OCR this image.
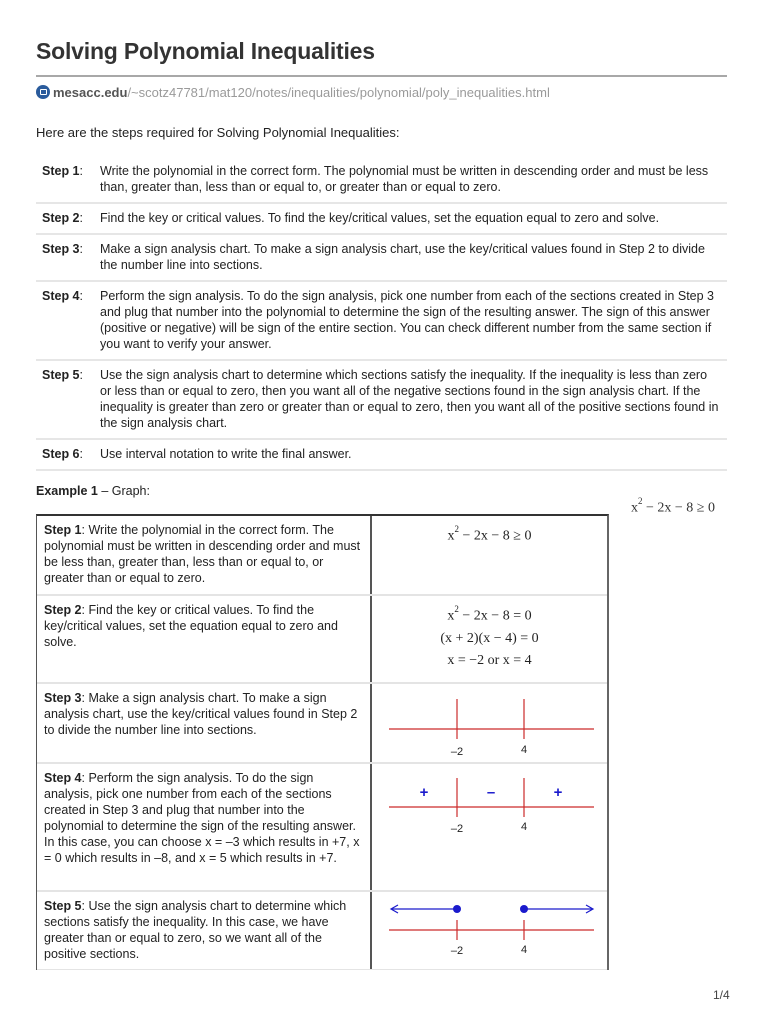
Solving Polynomial Inequalities
mesacc.edu /~scotz47781/mat120/notes/inequalities/polynomial/poly_inequalities.html
Here are the steps required for Solving Polynomial Inequalities:
Step 1:	Write the polynomial in the correct form. The polynomial must be written in descending order and must be less than, greater than, less than or equal to, or greater than or equal to zero.
Step 2:	Find the key or critical values. To find the key/critical values, set the equation equal to zero and solve.
Step 3:	Make a sign analysis chart. To make a sign analysis chart, use the key/critical values found in Step 2 to divide the number line into sections.
Step 4:	Perform the sign analysis. To do the sign analysis, pick one number from each of the sections created in Step 3 and plug that number into the polynomial to determine the sign of the resulting answer. The sign of this answer (positive or negative) will be sign of the entire section. You can check different number from the same section if you want to verify your answer.
Step 5:	Use the sign analysis chart to determine which sections satisfy the inequality. If the inequality is less than zero or less than or equal to zero, then you want all of the negative sections found in the sign analysis chart. If the inequality is greater than zero or greater than or equal to zero, then you want all of the positive sections found in the sign analysis chart.
Step 6:	Use interval notation to write the final answer.
Example 1 – Graph:
$x^2 - 2x - 8 \ge 0$
Step 1: Write the polynomial in the correct form. The polynomial must be written in descending order and must be less than, greater than, less than or equal to, or greater than or equal to zero.
$x^2 - 2x - 8 \ge 0$
Step 2: Find the key or critical values. To find the key/critical values, set the equation equal to zero and solve.
$x^2 - 2x - 8 = 0$
(x + 2)(x − 4) = 0
x = −2 or x = 4
Step 3: Make a sign analysis chart. To make a sign analysis chart, use the key/critical values found in Step 2 to divide the number line into sections.
–2	4
Step 4: Perform the sign analysis. To do the sign analysis, pick one number from each of the sections created in Step 3 and plug that number into the polynomial to determine the sign of the resulting answer. In this case, you can choose x = –3 which results in +7, x = 0 which results in –8, and x = 5 which results in +7.
+	–	+
–2	4
Step 5: Use the sign analysis chart to determine which sections satisfy the inequality. In this case, we have greater than or equal to zero, so we want all of the positive sections.	–2	4
1/4
